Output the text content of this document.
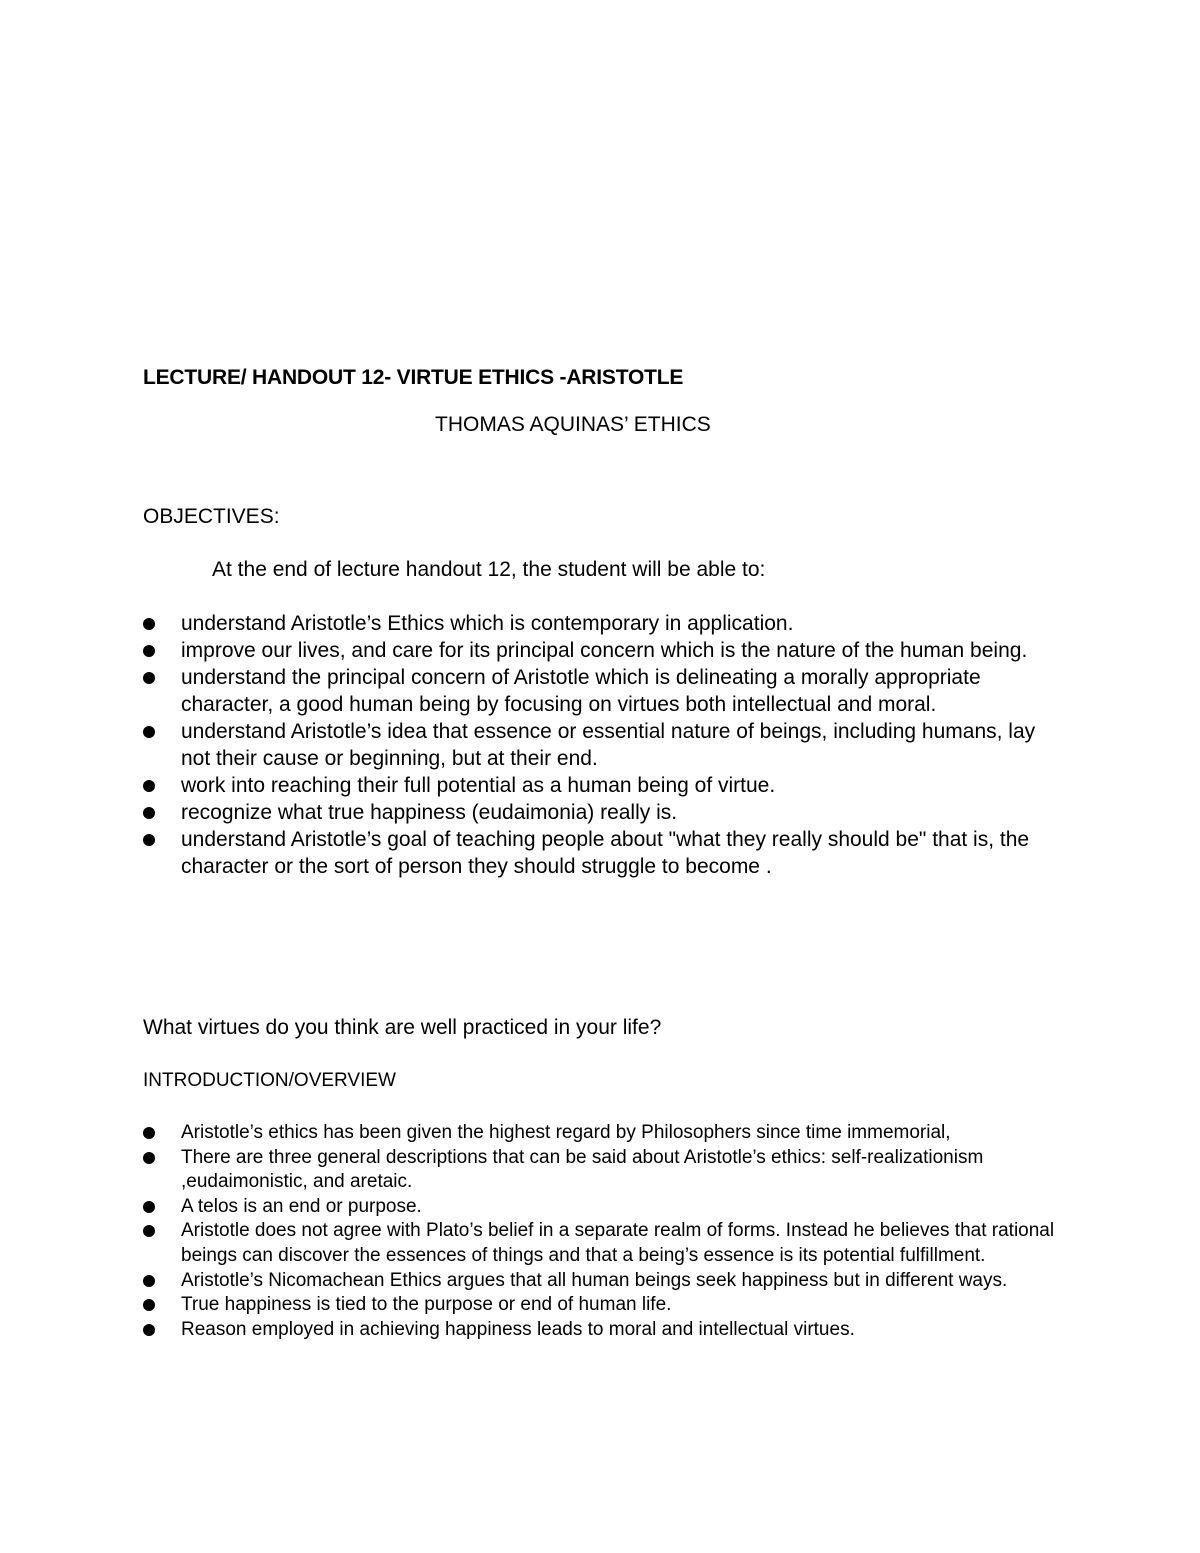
LECTURE/ HANDOUT 12- VIRTUE ETHICS -ARISTOTLE
THOMAS AQUINAS’ ETHICS
OBJECTIVES:
At the end of lecture handout 12, the student will be able to:
understand Aristotle’s Ethics which is contemporary in application.
improve our lives, and care for its principal concern which is the nature of the human being.
understand the principal concern of Aristotle which is delineating a morally appropriate character, a good human being by focusing on virtues both intellectual and moral.
understand Aristotle’s idea that essence or essential nature of beings, including humans, lay not their cause or beginning, but at their end.
work into reaching their full potential as a human being of virtue.
recognize what true happiness (eudaimonia) really is.
understand Aristotle’s goal of teaching people about "what they really should be" that is, the character or the sort of person they should struggle to become .
What virtues do you think are well practiced in your life?
INTRODUCTION/OVERVIEW
Aristotle’s ethics has been given the highest regard by Philosophers since time immemorial,
There are three general descriptions that can be said about Aristotle’s ethics: self-realizationism ,eudaimonistic, and aretaic.
A telos is an end or purpose.
Aristotle does not agree with Plato’s belief in a separate realm of forms. Instead he believes that rational beings can discover the essences of things and that a being’s essence is its potential fulfillment.
Aristotle’s Nicomachean Ethics argues that all human beings seek happiness but in different ways.
True happiness is tied to the purpose or end of human life.
Reason employed in achieving happiness leads to moral and intellectual virtues.
